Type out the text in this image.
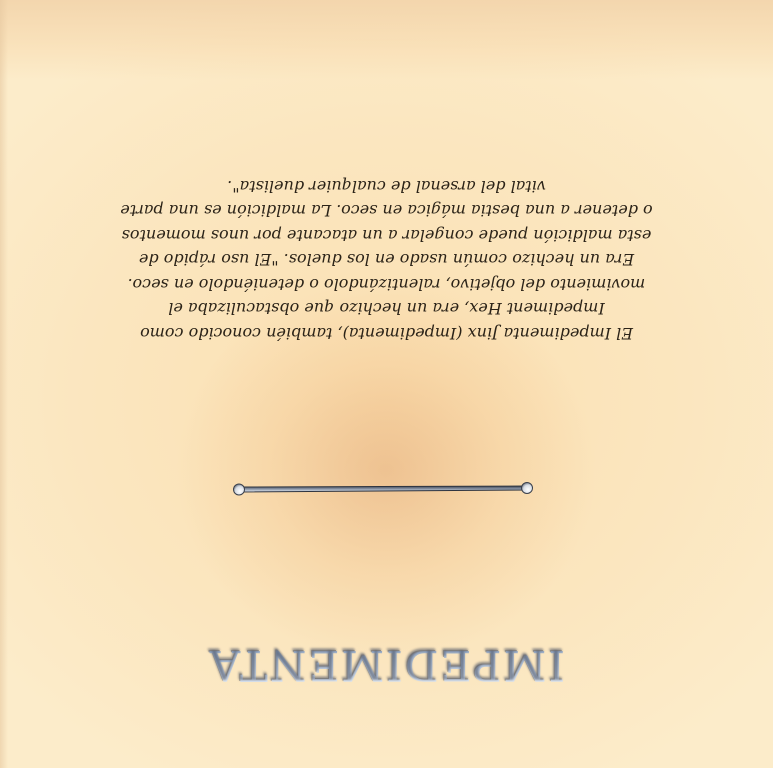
IMPEDIMENTA

El Impedimenta Jinx (Impedimenta), también conocido como Impediment Hex, era un hechizo que obstaculizaba el movimiento del objetivo, ralentizándolo o deteniéndolo en seco. Era un hechizo común usado en los duelos. "El uso rápido de esta maldición puede congelar a un atacante por unos momentos o detener a una bestia mágica en seco. La maldición es una parte vital del arsenal de cualquier duelista".
